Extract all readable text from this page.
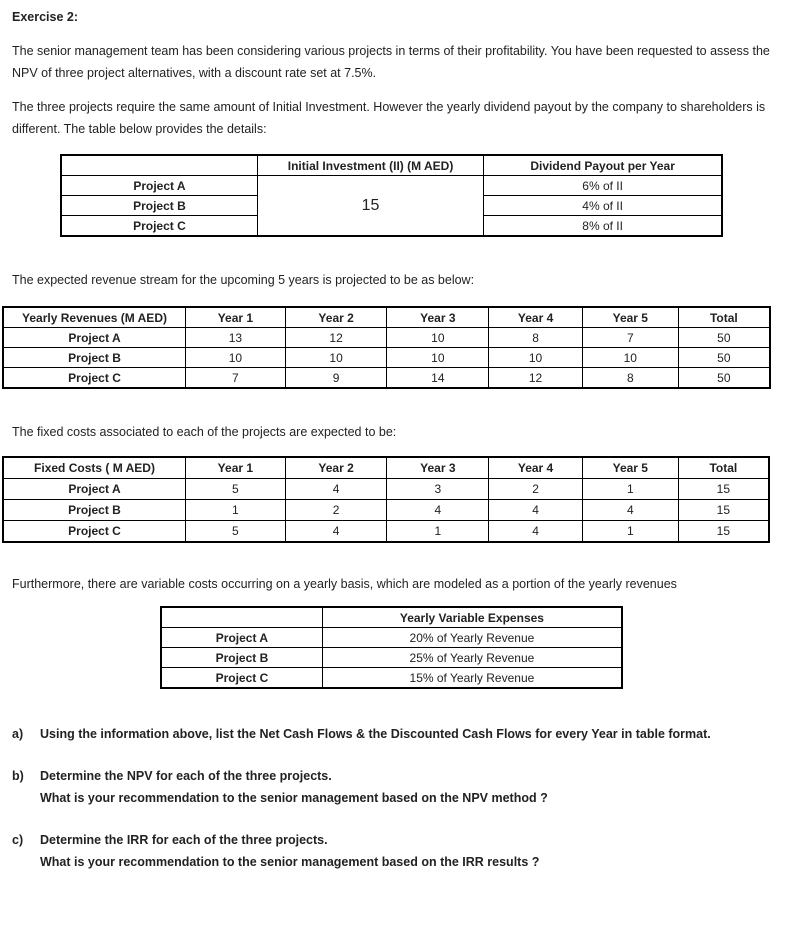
Exercise 2:
The senior management team has been considering various projects in terms of their profitability. You have been requested to assess the NPV of three project alternatives, with a discount rate set at 7.5%.
The three projects require the same amount of Initial Investment. However the yearly dividend payout by the company to shareholders is different. The table below provides the details:
	Initial Investment (II) (M AED)	Dividend Payout per Year
Project A	15	6% of II
Project B		4% of II
Project C		8% of II
The expected revenue stream for the upcoming 5 years is projected to be as below:
Yearly Revenues (M AED)	Year 1	Year 2	Year 3	Year 4	Year 5	Total
Project A	13	12	10	8	7	50
Project B	10	10	10	10	10	50
Project C	7	9	14	12	8	50
The fixed costs associated to each of the projects are expected to be:
Fixed Costs ( M AED)	Year 1	Year 2	Year 3	Year 4	Year 5	Total
Project A	5	4	3	2	1	15
Project B	1	2	4	4	4	15
Project C	5	4	1	4	1	15
Furthermore, there are variable costs occurring on a yearly basis, which are modeled as a portion of the yearly revenues
	Yearly Variable Expenses
Project A	20% of Yearly Revenue
Project B	25% of Yearly Revenue
Project C	15% of Yearly Revenue
a) Using the information above, list the Net Cash Flows & the Discounted Cash Flows for every Year in table format.
b) Determine the NPV for each of the three projects.
What is your recommendation to the senior management based on the NPV method ?
c) Determine the IRR for each of the three projects.
What is your recommendation to the senior management based on the IRR results ?
